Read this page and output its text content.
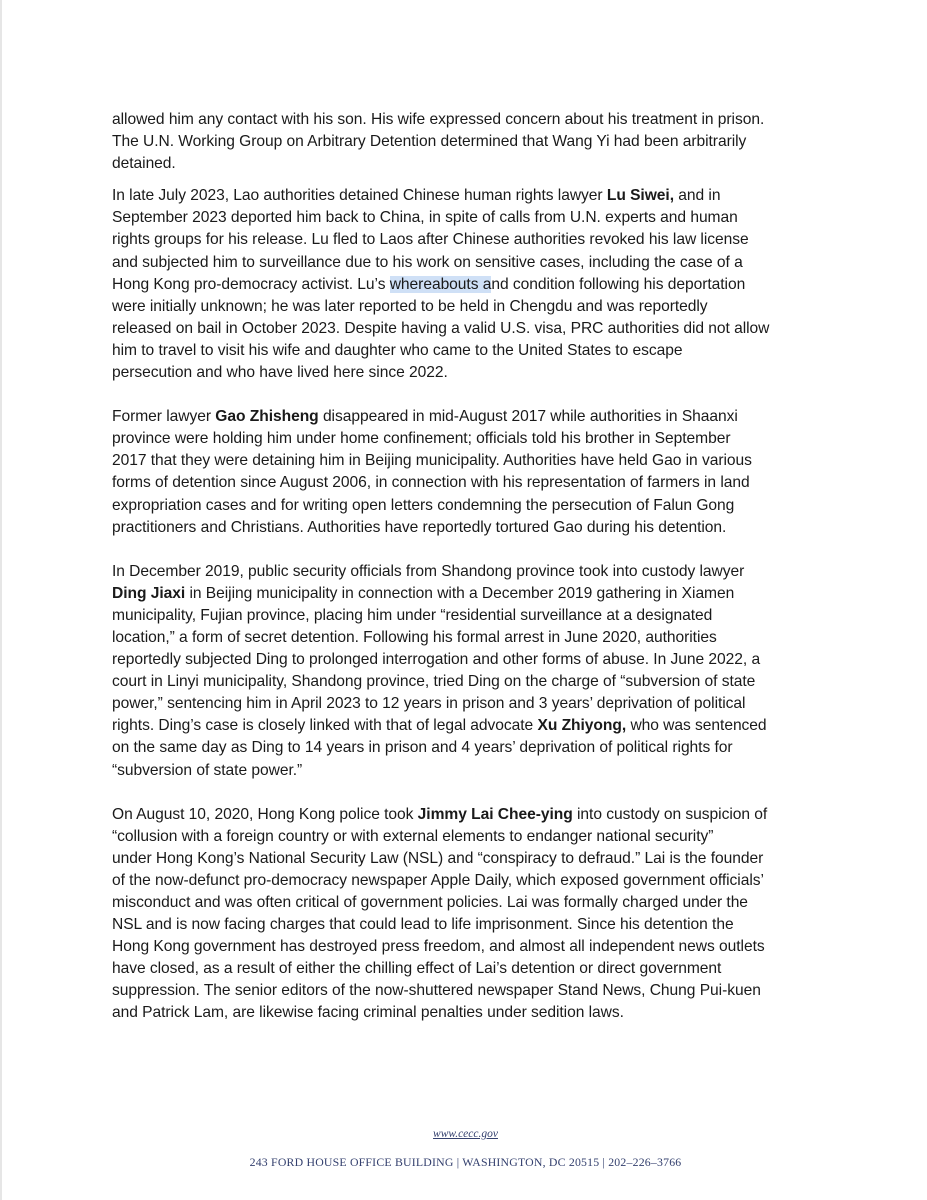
allowed him any contact with his son. His wife expressed concern about his treatment in prison.
The U.N. Working Group on Arbitrary Detention determined that Wang Yi had been arbitrarily
detained.

In late July 2023, Lao authorities detained Chinese human rights lawyer Lu Siwei, and in
September 2023 deported him back to China, in spite of calls from U.N. experts and human
rights groups for his release. Lu fled to Laos after Chinese authorities revoked his law license
and subjected him to surveillance due to his work on sensitive cases, including the case of a
Hong Kong pro-democracy activist. Lu’s whereabouts and condition following his deportation
were initially unknown; he was later reported to be held in Chengdu and was reportedly
released on bail in October 2023. Despite having a valid U.S. visa, PRC authorities did not allow
him to travel to visit his wife and daughter who came to the United States to escape
persecution and who have lived here since 2022.

Former lawyer Gao Zhisheng disappeared in mid-August 2017 while authorities in Shaanxi
province were holding him under home confinement; officials told his brother in September
2017 that they were detaining him in Beijing municipality. Authorities have held Gao in various
forms of detention since August 2006, in connection with his representation of farmers in land
expropriation cases and for writing open letters condemning the persecution of Falun Gong
practitioners and Christians. Authorities have reportedly tortured Gao during his detention.

In December 2019, public security officials from Shandong province took into custody lawyer
Ding Jiaxi in Beijing municipality in connection with a December 2019 gathering in Xiamen
municipality, Fujian province, placing him under “residential surveillance at a designated
location,” a form of secret detention. Following his formal arrest in June 2020, authorities
reportedly subjected Ding to prolonged interrogation and other forms of abuse. In June 2022, a
court in Linyi municipality, Shandong province, tried Ding on the charge of “subversion of state
power,” sentencing him in April 2023 to 12 years in prison and 3 years’ deprivation of political
rights. Ding’s case is closely linked with that of legal advocate Xu Zhiyong, who was sentenced
on the same day as Ding to 14 years in prison and 4 years’ deprivation of political rights for
“subversion of state power.”

On August 10, 2020, Hong Kong police took Jimmy Lai Chee-ying into custody on suspicion of
“collusion with a foreign country or with external elements to endanger national security”
under Hong Kong’s National Security Law (NSL) and “conspiracy to defraud.” Lai is the founder
of the now-defunct pro-democracy newspaper Apple Daily, which exposed government officials’
misconduct and was often critical of government policies. Lai was formally charged under the
NSL and is now facing charges that could lead to life imprisonment. Since his detention the
Hong Kong government has destroyed press freedom, and almost all independent news outlets
have closed, as a result of either the chilling effect of Lai’s detention or direct government
suppression. The senior editors of the now-shuttered newspaper Stand News, Chung Pui-kuen
and Patrick Lam, are likewise facing criminal penalties under sedition laws.

www.cecc.gov
243 FORD HOUSE OFFICE BUILDING | WASHINGTON, DC 20515 | 202–226–3766
